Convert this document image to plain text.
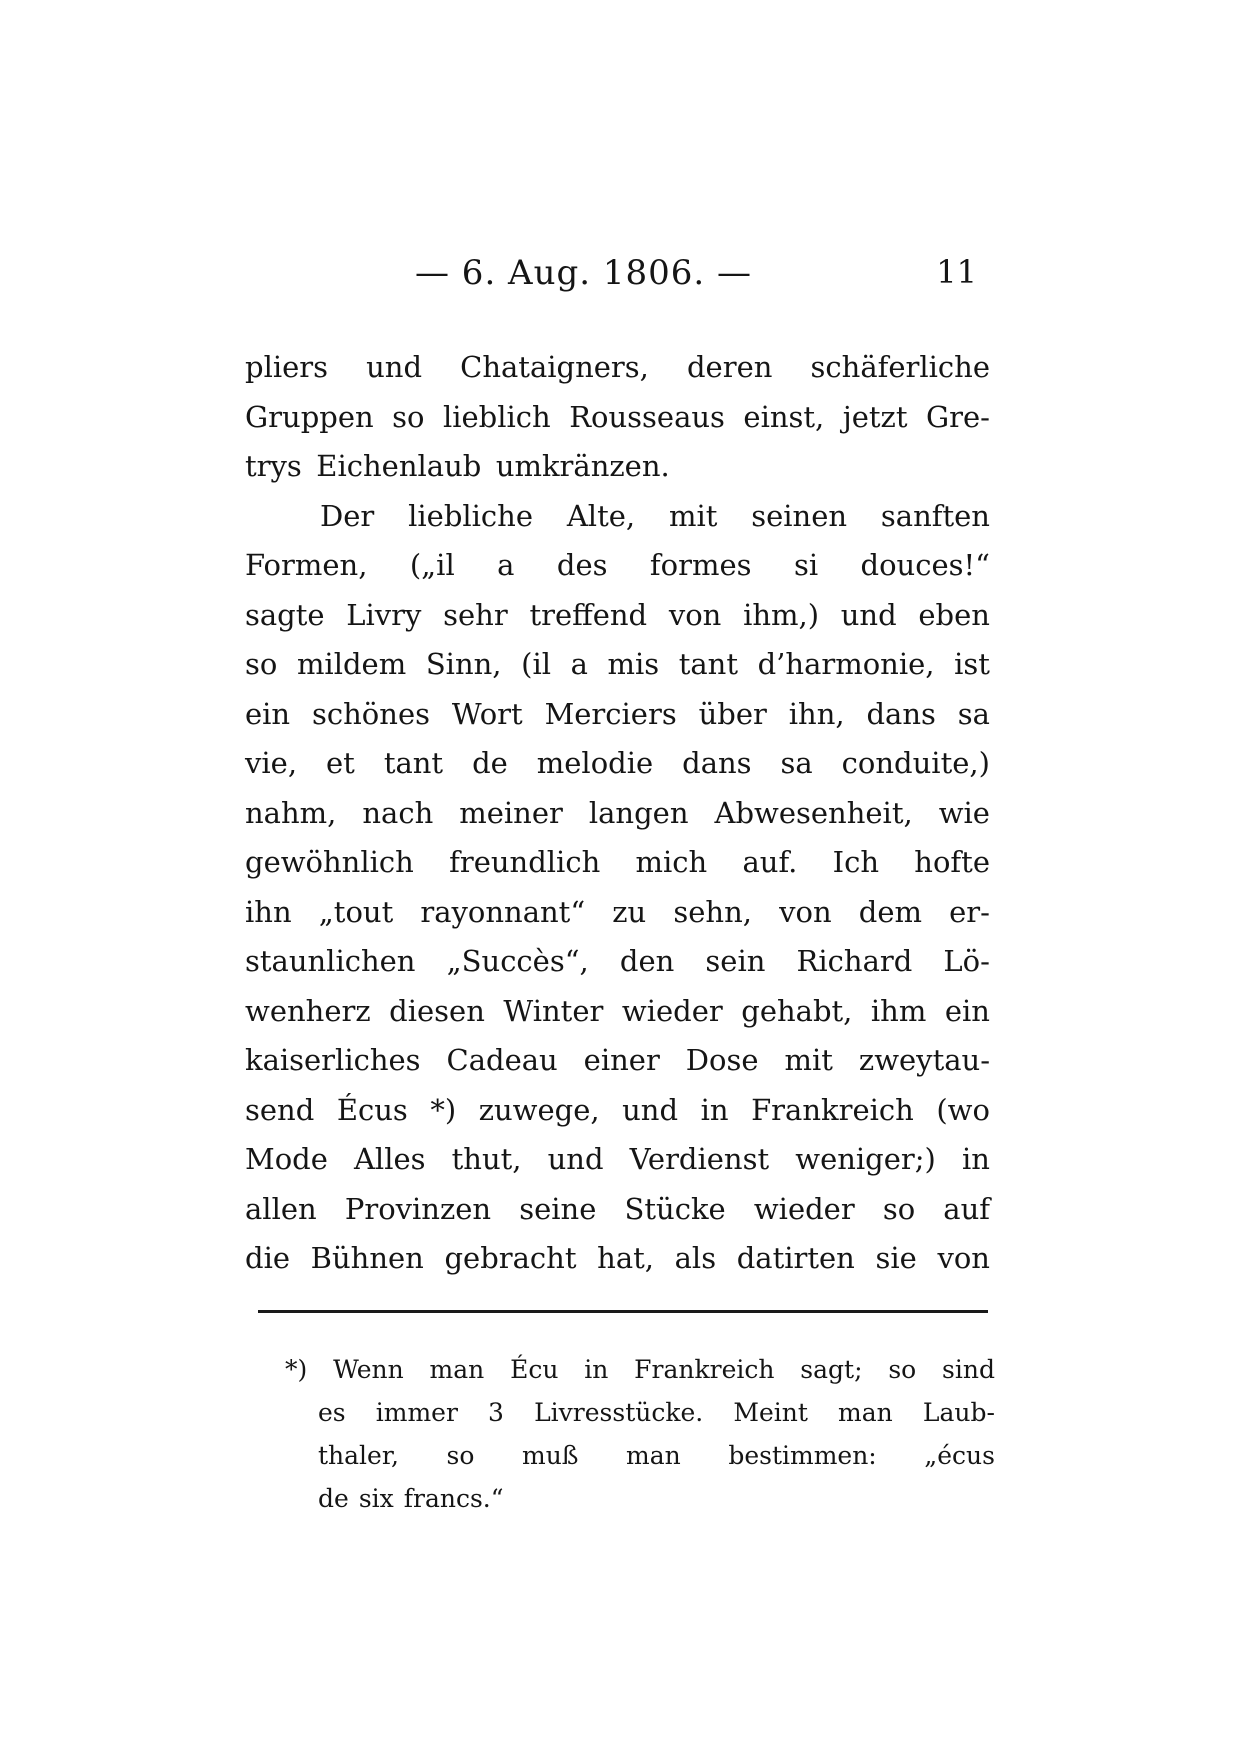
— 6. Aug. 1806. —	11
pliers und Chataigners, deren schäferliche
Gruppen so lieblich Rousseaus einst, jetzt Gre-
trys Eichenlaub umkränzen.
Der liebliche Alte, mit seinen sanften
Formen, („il a des formes si douces!“
sagte Livry sehr treffend von ihm,) und eben
so mildem Sinn, (il a mis tant d’harmonie, ist
ein schönes Wort Merciers über ihn, dans sa
vie, et tant de melodie dans sa conduite,)
nahm, nach meiner langen Abwesenheit, wie
gewöhnlich freundlich mich auf. Ich hofte
ihn „tout rayonnant“ zu sehn, von dem er-
staunlichen „Succès“, den sein Richard Lö-
wenherz diesen Winter wieder gehabt, ihm ein
kaiserliches Cadeau einer Dose mit zweytau-
send Écus *) zuwege, und in Frankreich (wo
Mode Alles thut, und Verdienst weniger;) in
allen Provinzen seine Stücke wieder so auf
die Bühnen gebracht hat, als datirten sie von
*) Wenn man Écu in Frankreich sagt; so sind
es immer 3 Livresstücke. Meint man Laub-
thaler, so muß man bestimmen: „écus
de six francs.“
